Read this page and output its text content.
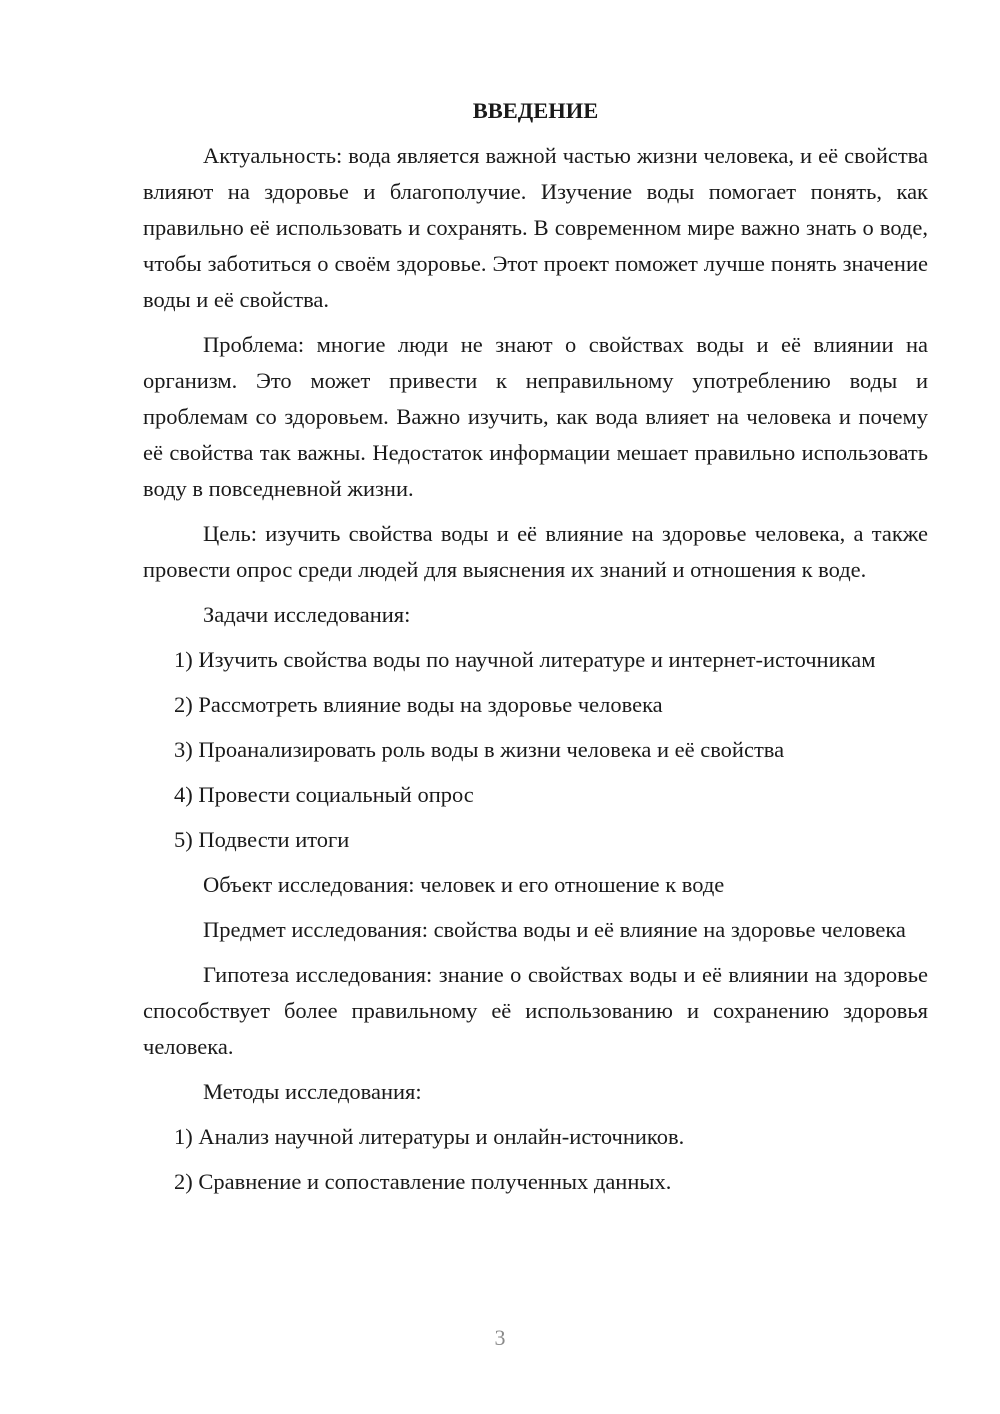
ВВЕДЕНИЕ

Актуальность: вода является важной частью жизни человека, и её свойства влияют на здоровье и благополучие. Изучение воды помогает понять, как правильно её использовать и сохранять. В современном мире важно знать о воде, чтобы заботиться о своём здоровье. Этот проект поможет лучше понять значение воды и её свойства.

Проблема: многие люди не знают о свойствах воды и её влиянии на организм. Это может привести к неправильному употреблению воды и проблемам со здоровьем. Важно изучить, как вода влияет на человека и почему её свойства так важны. Недостаток информации мешает правильно использовать воду в повседневной жизни.

Цель: изучить свойства воды и её влияние на здоровье человека, а также провести опрос среди людей для выяснения их знаний и отношения к воде.

Задачи исследования:

1) Изучить свойства воды по научной литературе и интернет-источникам

2) Рассмотреть влияние воды на здоровье человека

3) Проанализировать роль воды в жизни человека и её свойства

4) Провести социальный опрос

5) Подвести итоги

Объект исследования: человек и его отношение к воде

Предмет исследования: свойства воды и её влияние на здоровье человека

Гипотеза исследования: знание о свойствах воды и её влиянии на здоровье способствует более правильному её использованию и сохранению здоровья человека.

Методы исследования:

1) Анализ научной литературы и онлайн-источников.

2) Сравнение и сопоставление полученных данных.

3
